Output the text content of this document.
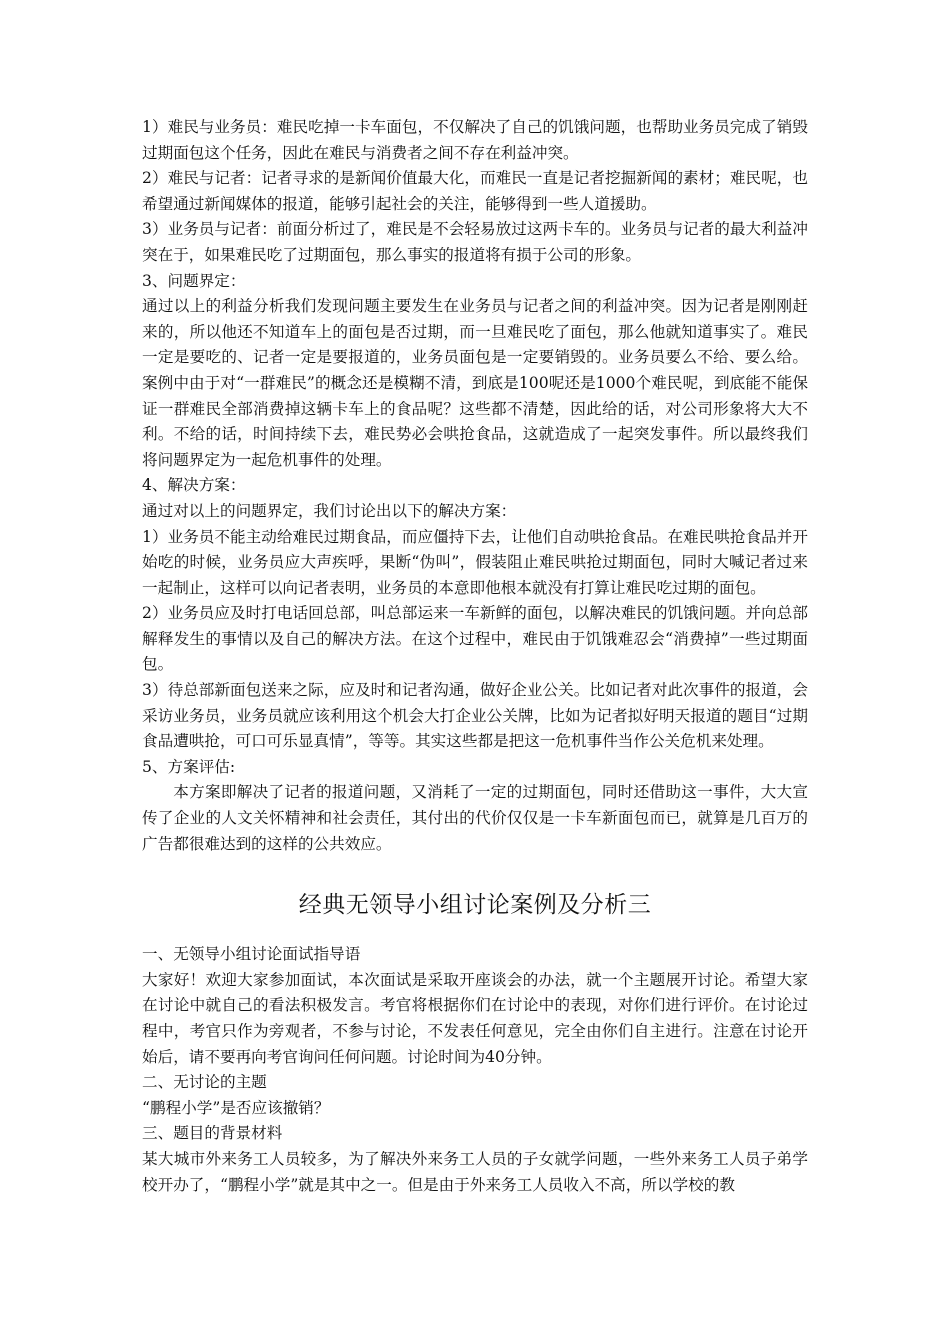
1）难民与业务员：难民吃掉一卡车面包，不仅解决了自己的饥饿问题，也帮助业务员完成了销毁过期面包这个任务，因此在难民与消费者之间不存在利益冲突。

2）难民与记者：记者寻求的是新闻价值最大化，而难民一直是记者挖掘新闻的素材；难民呢，也希望通过新闻媒体的报道，能够引起社会的关注，能够得到一些人道援助。

3）业务员与记者：前面分析过了，难民是不会轻易放过这两卡车的。业务员与记者的最大利益冲突在于，如果难民吃了过期面包，那么事实的报道将有损于公司的形象。

3、问题界定：

通过以上的利益分析我们发现问题主要发生在业务员与记者之间的利益冲突。因为记者是刚刚赶来的，所以他还不知道车上的面包是否过期，而一旦难民吃了面包，那么他就知道事实了。难民一定是要吃的、记者一定是要报道的，业务员面包是一定要销毁的。业务员要么不给、要么给。案例中由于对“一群难民”的概念还是模糊不清，到底是100呢还是1000个难民呢，到底能不能保证一群难民全部消费掉这辆卡车上的食品呢？这些都不清楚，因此给的话，对公司形象将大大不利。不给的话，时间持续下去，难民势必会哄抢食品，这就造成了一起突发事件。所以最终我们将问题界定为一起危机事件的处理。

4、解决方案：

通过对以上的问题界定，我们讨论出以下的解决方案：

1）业务员不能主动给难民过期食品，而应僵持下去，让他们自动哄抢食品。在难民哄抢食品并开始吃的时候，业务员应大声疾呼，果断“伪叫”，假装阻止难民哄抢过期面包，同时大喊记者过来一起制止，这样可以向记者表明，业务员的本意即他根本就没有打算让难民吃过期的面包。

2）业务员应及时打电话回总部，叫总部运来一车新鲜的面包，以解决难民的饥饿问题。并向总部解释发生的事情以及自己的解决方法。在这个过程中，难民由于饥饿难忍会“消费掉”一些过期面包。

3）待总部新面包送来之际，应及时和记者沟通，做好企业公关。比如记者对此次事件的报道，会采访业务员，业务员就应该利用这个机会大打企业公关牌，比如为记者拟好明天报道的题目“过期食品遭哄抢，可口可乐显真情”，等等。其实这些都是把这一危机事件当作公关危机来处理。

5、方案评估:

本方案即解决了记者的报道问题，又消耗了一定的过期面包，同时还借助这一事件，大大宣传了企业的人文关怀精神和社会责任，其付出的代价仅仅是一卡车新面包而已，就算是几百万的广告都很难达到的这样的公共效应。

经典无领导小组讨论案例及分析三

一、无领导小组讨论面试指导语

大家好！欢迎大家参加面试，本次面试是采取开座谈会的办法，就一个主题展开讨论。希望大家在讨论中就自己的看法积极发言。考官将根据你们在讨论中的表现，对你们进行评价。在讨论过程中，考官只作为旁观者，不参与讨论，不发表任何意见，完全由你们自主进行。注意在讨论开始后，请不要再向考官询问任何问题。讨论时间为40分钟。

二、无讨论的主题

“鹏程小学”是否应该撤销？

三、题目的背景材料

某大城市外来务工人员较多，为了解决外来务工人员的子女就学问题，一些外来务工人员子弟学校开办了，“鹏程小学”就是其中之一。但是由于外来务工人员收入不高，所以学校的教
